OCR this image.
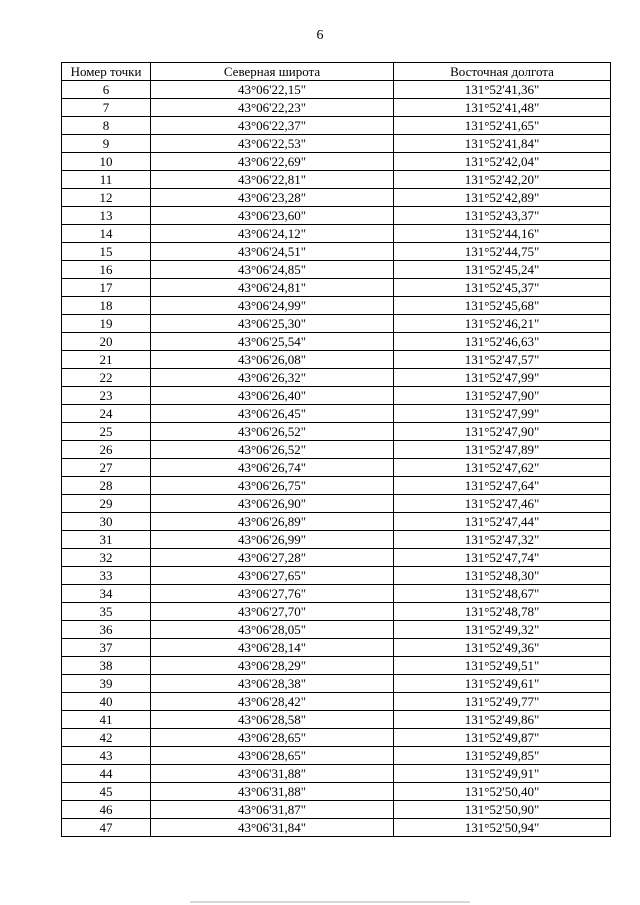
6
Номер точки	Северная широта	Восточная долгота
6	43°06'22,15"	131°52'41,36"
7	43°06'22,23"	131°52'41,48"
8	43°06'22,37"	131°52'41,65"
9	43°06'22,53"	131°52'41,84"
10	43°06'22,69"	131°52'42,04"
11	43°06'22,81"	131°52'42,20"
12	43°06'23,28"	131°52'42,89"
13	43°06'23,60"	131°52'43,37"
14	43°06'24,12"	131°52'44,16"
15	43°06'24,51"	131°52'44,75"
16	43°06'24,85"	131°52'45,24"
17	43°06'24,81"	131°52'45,37"
18	43°06'24,99"	131°52'45,68"
19	43°06'25,30"	131°52'46,21"
20	43°06'25,54"	131°52'46,63"
21	43°06'26,08"	131°52'47,57"
22	43°06'26,32"	131°52'47,99"
23	43°06'26,40"	131°52'47,90"
24	43°06'26,45"	131°52'47,99"
25	43°06'26,52"	131°52'47,90"
26	43°06'26,52"	131°52'47,89"
27	43°06'26,74"	131°52'47,62"
28	43°06'26,75"	131°52'47,64"
29	43°06'26,90"	131°52'47,46"
30	43°06'26,89"	131°52'47,44"
31	43°06'26,99"	131°52'47,32"
32	43°06'27,28"	131°52'47,74"
33	43°06'27,65"	131°52'48,30"
34	43°06'27,76"	131°52'48,67"
35	43°06'27,70"	131°52'48,78"
36	43°06'28,05"	131°52'49,32"
37	43°06'28,14"	131°52'49,36"
38	43°06'28,29"	131°52'49,51"
39	43°06'28,38"	131°52'49,61"
40	43°06'28,42"	131°52'49,77"
41	43°06'28,58"	131°52'49,86"
42	43°06'28,65"	131°52'49,87"
43	43°06'28,65"	131°52'49,85"
44	43°06'31,88"	131°52'49,91"
45	43°06'31,88"	131°52'50,40"
46	43°06'31,87"	131°52'50,90"
47	43°06'31,84"	131°52'50,94"
